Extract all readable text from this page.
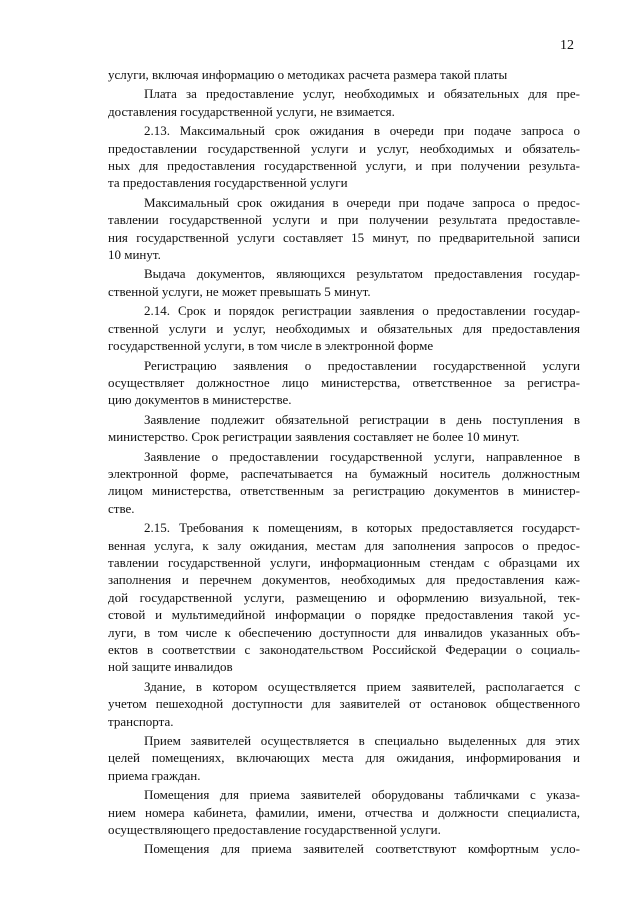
12
услуги, включая информацию о методиках расчета размера такой платы
Плата за предоставление услуг, необходимых и обязательных для пре-
доставления государственной услуги, не взимается.
2.13. Максимальный срок ожидания в очереди при подаче запроса о
предоставлении государственной услуги и услуг, необходимых и обязатель-
ных для предоставления государственной услуги, и при получении результа-
та предоставления государственной услуги
Максимальный срок ожидания в очереди при подаче запроса о предос-
тавлении государственной услуги и при получении результата предоставле-
ния государственной услуги составляет 15 минут, по предварительной записи
10 минут.
Выдача документов, являющихся результатом предоставления государ-
ственной услуги, не может превышать 5 минут.
2.14. Срок и порядок регистрации заявления о предоставлении государ-
ственной услуги и услуг, необходимых и обязательных для предоставления
государственной услуги, в том числе в электронной форме
Регистрацию заявления о предоставлении государственной услуги
осуществляет должностное лицо министерства, ответственное за регистра-
цию документов в министерстве.
Заявление подлежит обязательной регистрации в день поступления в
министерство. Срок регистрации заявления составляет не более 10 минут.
Заявление о предоставлении государственной услуги, направленное в
электронной форме, распечатывается на бумажный носитель должностным
лицом министерства, ответственным за регистрацию документов в министер-
стве.
2.15. Требования к помещениям, в которых предоставляется государст-
венная услуга, к залу ожидания, местам для заполнения запросов о предос-
тавлении государственной услуги, информационным стендам с образцами их
заполнения и перечнем документов, необходимых для предоставления каж-
дой государственной услуги, размещению и оформлению визуальной, тек-
стовой и мультимедийной информации о порядке предоставления такой ус-
луги, в том числе к обеспечению доступности для инвалидов указанных объ-
ектов в соответствии с законодательством Российской Федерации о социаль-
ной защите инвалидов
Здание, в котором осуществляется прием заявителей, располагается с
учетом пешеходной доступности для заявителей от остановок общественного
транспорта.
Прием заявителей осуществляется в специально выделенных для этих
целей помещениях, включающих места для ожидания, информирования и
приема граждан.
Помещения для приема заявителей оборудованы табличками с указа-
нием номера кабинета, фамилии, имени, отчества и должности специалиста,
осуществляющего предоставление государственной услуги.
Помещения для приема заявителей соответствуют комфортным усло-
